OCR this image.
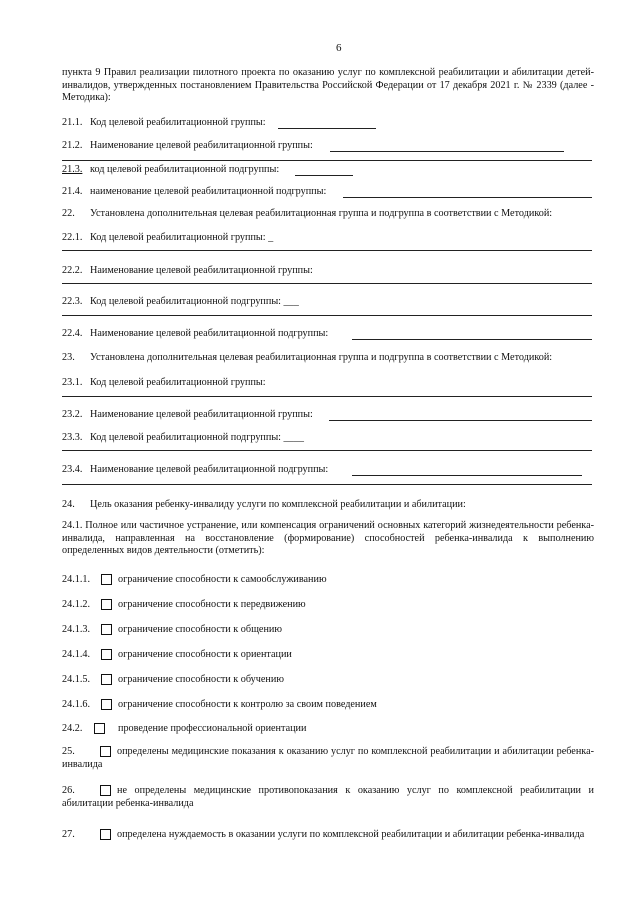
6
пункта 9 Правил реализации пилотного проекта по оказанию услуг по комплексной реабилитации и абилитации детей-инвалидов, утвержденных постановлением Правительства Российской Федерации от 17 декабря 2021 г. № 2339 (далее - Методика):
21.1. Код целевой реабилитационной группы:
21.2. Наименование целевой реабилитационной группы:
21.3. код целевой реабилитационной подгруппы:
21.4. наименование целевой реабилитационной подгруппы:
22. Установлена дополнительная целевая реабилитационная группа и подгруппа в соответствии с Методикой:
22.1. Код целевой реабилитационной группы: _
22.2. Наименование целевой реабилитационной группы:
22.3. Код целевой реабилитационной подгруппы: ___
22.4. Наименование целевой реабилитационной подгруппы:
23. Установлена дополнительная целевая реабилитационная группа и подгруппа в соответствии с Методикой:
23.1. Код целевой реабилитационной группы:
23.2. Наименование целевой реабилитационной группы:
23.3. Код целевой реабилитационной подгруппы: ____
23.4. Наименование целевой реабилитационной подгруппы:
24. Цель оказания ребенку-инвалиду услуги по комплексной реабилитации и абилитации:
24.1. Полное или частичное устранение, или компенсация ограничений основных категорий жизнедеятельности ребенка-инвалида, направленная на восстановление (формирование) способностей ребенка-инвалида к выполнению определенных видов деятельности (отметить):
24.1.1.	ограничение способности к самообслуживанию
24.1.2.	ограничение способности к передвижению
24.1.3.	ограничение способности к общению
24.1.4.	ограничение способности к ориентации
24.1.5.	ограничение способности к обучению
24.1.6.	ограничение способности к контролю за своим поведением
24.2.	проведение профессиональной ориентации
25.	определены медицинские показания к оказанию услуг по комплексной реабилитации и абилитации ребенка-инвалида
26.	не определены медицинские противопоказания к оказанию услуг по комплексной реабилитации и абилитации ребенка-инвалида
27.	определена нуждаемость в оказании услуги по комплексной реабилитации и абилитации ребенка-инвалида
